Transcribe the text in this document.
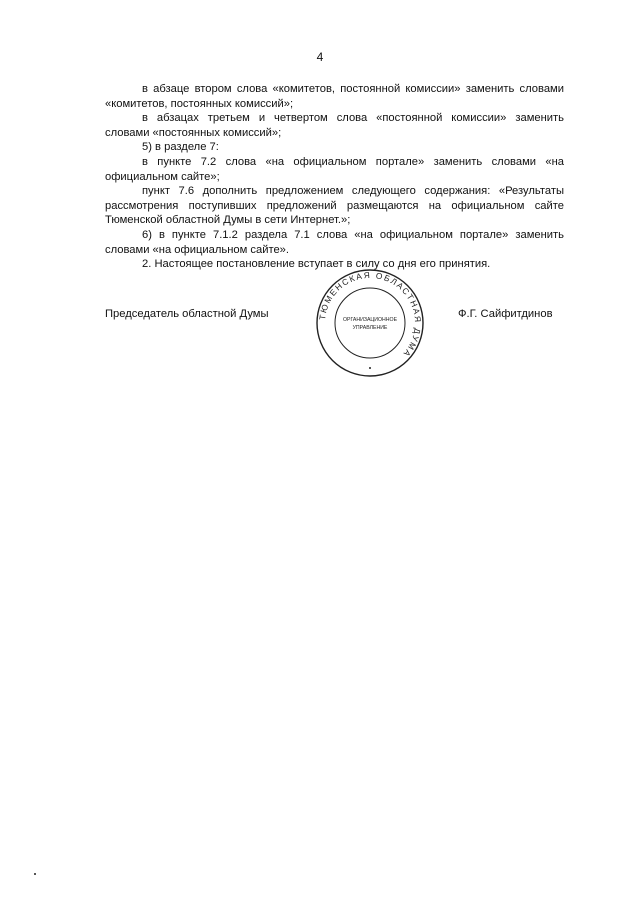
4

в абзаце втором слова «комитетов, постоянной комиссии» заменить словами «комитетов, постоянных комиссий»;

в абзацах третьем и четвертом слова «постоянной комиссии» заменить словами «постоянных комиссий»;

5) в разделе 7:

в пункте 7.2 слова «на официальном портале» заменить словами «на официальном сайте»;

пункт 7.6 дополнить предложением следующего содержания: «Результаты рассмотрения поступивших предложений размещаются на официальном сайте Тюменской областной Думы в сети Интернет.»;

6) в пункте 7.1.2 раздела 7.1 слова «на официальном портале» заменить словами «на официальном сайте».

2. Настоящее постановление вступает в силу со дня его принятия.

Председатель областной Думы	Ф.Г. Сайфитдинов
ТЮМЕНСКАЯ ОБЛАСТНАЯ ДУМА
ОРГАНИЗАЦИОННОЕ
УПРАВЛЕНИЕ
